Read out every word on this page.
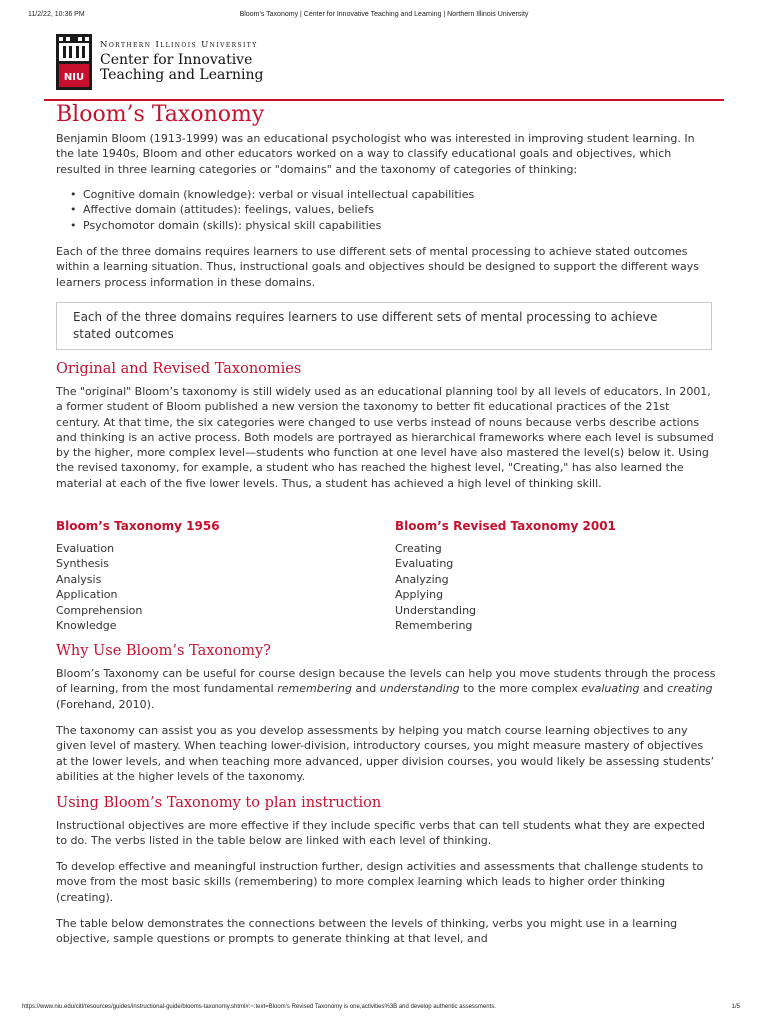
11/2/22, 10:36 PM	Bloom’s Taxonomy | Center for Innovative Teaching and Learning | Northern Illinois University
NIU
Northern Illinois University
Center for Innovative
Teaching and Learning
Bloom’s Taxonomy

Benjamin Bloom (1913-1999) was an educational psychologist who was interested in improving student learning. In the late 1940s, Bloom and other educators worked on a way to classify educational goals and objectives, which resulted in three learning categories or "domains" and the taxonomy of categories of thinking:

• Cognitive domain (knowledge): verbal or visual intellectual capabilities
• Affective domain (attitudes): feelings, values, beliefs
• Psychomotor domain (skills): physical skill capabilities

Each of the three domains requires learners to use different sets of mental processing to achieve stated outcomes within a learning situation. Thus, instructional goals and objectives should be designed to support the different ways learners process information in these domains.

Each of the three domains requires learners to use different sets of mental processing to achieve stated outcomes
Original and Revised Taxonomies

The "original" Bloom’s taxonomy is still widely used as an educational planning tool by all levels of educators. In 2001, a former student of Bloom published a new version the taxonomy to better fit educational practices of the 21st century. At that time, the six categories were changed to use verbs instead of nouns because verbs describe actions and thinking is an active process. Both models are portrayed as hierarchical frameworks where each level is subsumed by the higher, more complex level—students who function at one level have also mastered the level(s) below it. Using the revised taxonomy, for example, a student who has reached the highest level, "Creating," has also learned the material at each of the five lower levels. Thus, a student has achieved a high level of thinking skill.

Bloom’s Taxonomy 1956
Evaluation
Synthesis
Analysis
Application
Comprehension
Knowledge
Bloom’s Revised Taxonomy 2001
Creating
Evaluating
Analyzing
Applying
Understanding
Remembering
Why Use Bloom’s Taxonomy?

Bloom’s Taxonomy can be useful for course design because the levels can help you move students through the process of learning, from the most fundamental remembering and understanding to the more complex evaluating and creating (Forehand, 2010).

The taxonomy can assist you as you develop assessments by helping you match course learning objectives to any given level of mastery. When teaching lower-division, introductory courses, you might measure mastery of objectives at the lower levels, and when teaching more advanced, upper division courses, you would likely be assessing students’ abilities at the higher levels of the taxonomy.

Using Bloom’s Taxonomy to plan instruction

Instructional objectives are more effective if they include specific verbs that can tell students what they are expected to do. The verbs listed in the table below are linked with each level of thinking.

To develop effective and meaningful instruction further, design activities and assessments that challenge students to move from the most basic skills (remembering) to more complex learning which leads to higher order thinking (creating).

The table below demonstrates the connections between the levels of thinking, verbs you might use in a learning objective, sample questions or prompts to generate thinking at that level, and

https://www.niu.edu/citl/resources/guides/instructional-guide/blooms-taxonomy.shtml#:~:text=Bloom’s Revised Taxonomy is one,activities%3B and develop authentic assessments.	1/5
